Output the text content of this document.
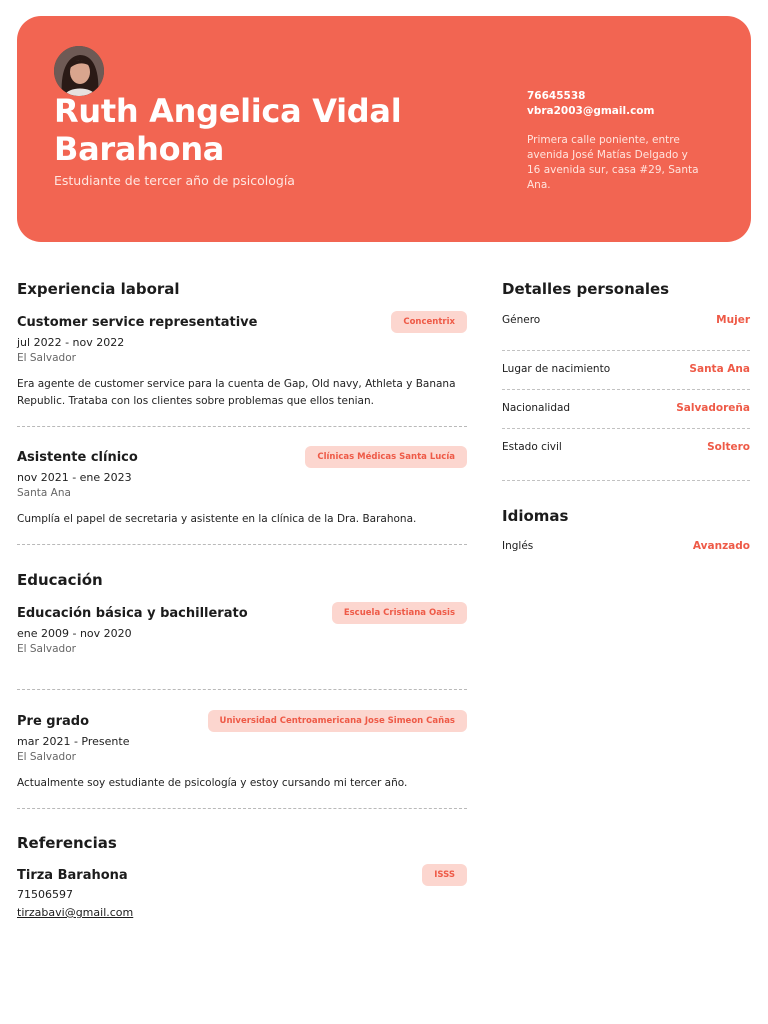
Ruth Angelica Vidal Barahona
Estudiante de tercer año de psicología
76645538
vbra2003@gmail.com
Primera calle poniente, entre avenida José Matías Delgado y 16 avenida sur, casa #29, Santa Ana.
Experiencia laboral
Customer service representative	Concentrix
jul 2022 - nov 2022
El Salvador
Era agente de customer service para la cuenta de Gap, Old navy, Athleta y Banana Republic. Trataba con los clientes sobre problemas que ellos tenian.
Asistente clínico	Clínicas Médicas Santa Lucía
nov 2021 - ene 2023
Santa Ana
Cumplía el papel de secretaria y asistente en la clínica de la Dra. Barahona.
Educación
Educación básica y bachillerato	Escuela Cristiana Oasis
ene 2009 - nov 2020
El Salvador
Pre grado	Universidad Centroamericana Jose Simeon Cañas
mar 2021 - Presente
El Salvador
Actualmente soy estudiante de psicología y estoy cursando mi tercer año.
Referencias
Tirza Barahona	ISSS
71506597
tirzabavi@gmail.com
Detalles personales
Género	Mujer
Lugar de nacimiento	Santa Ana
Nacionalidad	Salvadoreña
Estado civil	Soltero
Idiomas
Inglés	Avanzado
